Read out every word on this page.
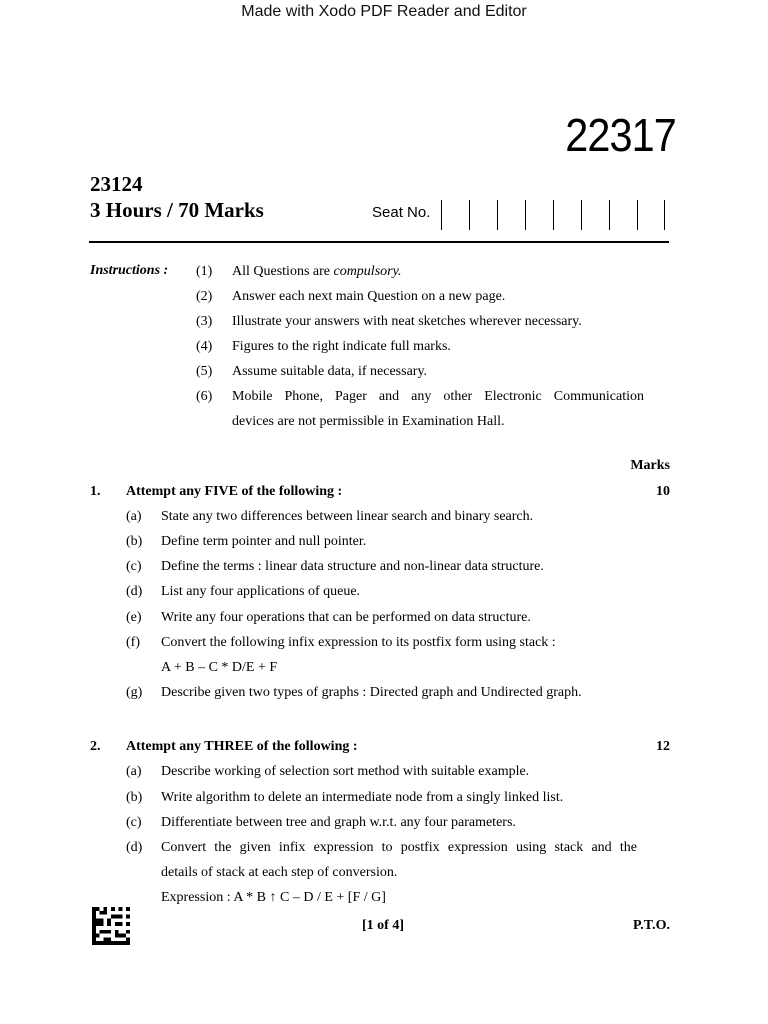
Made with Xodo PDF Reader and Editor
22317
23124
3 Hours / 70 Marks	Seat No.
Instructions : (1) All Questions are compulsory.
(2) Answer each next main Question on a new page.
(3) Illustrate your answers with neat sketches wherever necessary.
(4) Figures to the right indicate full marks.
(5) Assume suitable data, if necessary.
(6) Mobile Phone, Pager and any other Electronic Communication
devices are not permissible in Examination Hall.
Marks
1. Attempt any FIVE of the following :	10
(a) State any two differences between linear search and binary search.
(b) Define term pointer and null pointer.
(c) Define the terms : linear data structure and non-linear data structure.
(d) List any four applications of queue.
(e) Write any four operations that can be performed on data structure.
(f) Convert the following infix expression to its postfix form using stack :
A + B – C * D/E + F
(g) Describe given two types of graphs : Directed graph and Undirected graph.
2. Attempt any THREE of the following :	12
(a) Describe working of selection sort method with suitable example.
(b) Write algorithm to delete an intermediate node from a singly linked list.
(c) Differentiate between tree and graph w.r.t. any four parameters.
(d) Convert the given infix expression to postfix expression using stack and the
details of stack at each step of conversion.
Expression : A * B ↑ C – D / E + [F / G]
[1 of 4]	P.T.O.
